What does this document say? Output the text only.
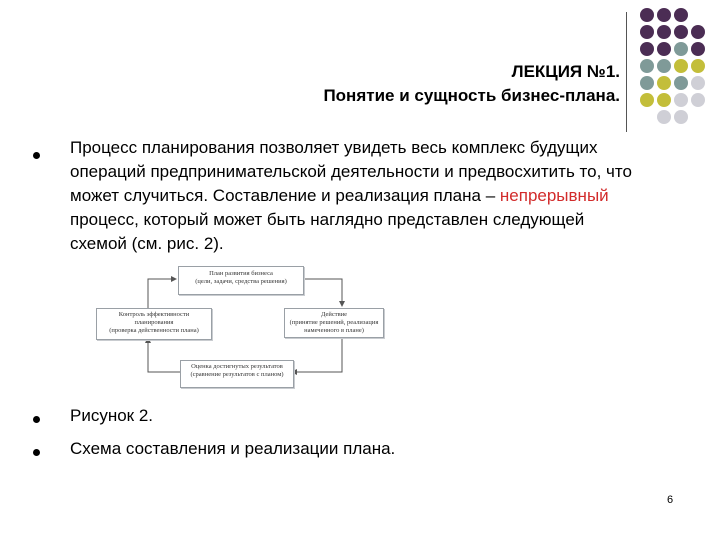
ЛЕКЦИЯ №1.
Понятие и сущность бизнес-плана.
Процесс планирования позволяет увидеть весь комплекс будущих операций предпринимательской деятельности и предвосхитить то, что может случиться. Составление и реализация плана – непрерывный процесс, который может быть наглядно представлен следующей схемой (см. рис. 2).
План развития бизнеса
(цели, задачи, средства решения)
Действие
(принятие решений, реализация
намеченного в плане)
Оценка достигнутых результатов
(сравнение результатов с планом)
Контроль эффективности
планирования
(проверка действенности плана)
Рисунок 2.
Схема составления и реализации плана.
6
